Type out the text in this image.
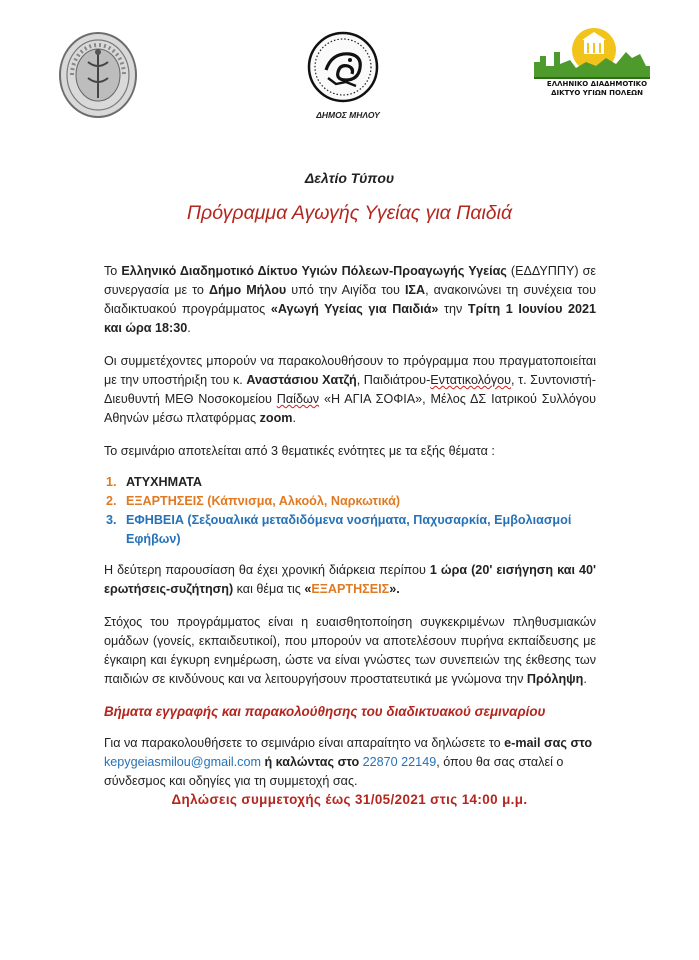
ΔΗΜΟΣ ΜΗΛΟΥ
ΕΛΛΗΝΙΚΟ ΔΙΑΔΗΜΟΤΙΚΟ
ΔΙΚΤΥΟ ΥΓΙΩΝ ΠΟΛΕΩΝ
Δελτίο Τύπου
Πρόγραμμα Αγωγής Υγείας για Παιδιά

Το Ελληνικό Διαδημοτικό Δίκτυο Υγιών Πόλεων-Προαγωγής Υγείας (ΕΔΔΥΠΠΥ) σε συνεργασία με το Δήμο Μήλου υπό την Αιγίδα του ΙΣΑ, ανακοινώνει τη συνέχεια του διαδικτυακού προγράμματος «Αγωγή Υγείας για Παιδιά» την Τρίτη 1 Ιουνίου 2021 και ώρα 18:30.

Οι συμμετέχοντες μπορούν να παρακολουθήσουν το πρόγραμμα που πραγματοποιείται με την υποστήριξη του κ. Αναστάσιου Χατζή, Παιδιάτρου-Εντατικολόγου, τ. Συντονιστή-Διευθυντή ΜΕΘ Νοσοκομείου Παίδων «Η ΑΓΙΑ ΣΟΦΙΑ», Μέλος ΔΣ Ιατρικού Συλλόγου Αθηνών μέσω πλατφόρμας zoom.

Το σεμινάριο αποτελείται από 3 θεματικές ενότητες με τα εξής θέματα :

1. ΑΤΥΧΗΜΑΤΑ
2. ΕΞΑΡΤΗΣΕΙΣ (Κάπνισμα, Αλκοόλ, Ναρκωτικά)
3. ΕΦΗΒΕΙΑ (Σεξουαλικά μεταδιδόμενα νοσήματα, Παχυσαρκία, Εμβολιασμοί Εφήβων)

Η δεύτερη παρουσίαση θα έχει χρονική διάρκεια περίπου 1 ώρα (20' εισήγηση και 40' ερωτήσεις-συζήτηση) και θέμα τις «ΕΞΑΡΤΗΣΕΙΣ».

Στόχος του προγράμματος είναι η ευαισθητοποίηση συγκεκριμένων πληθυσμιακών ομάδων (γονείς, εκπαιδευτικοί), που μπορούν να αποτελέσουν πυρήνα εκπαίδευσης με έγκαιρη και έγκυρη ενημέρωση, ώστε να είναι γνώστες των συνεπειών της έκθεσης των παιδιών σε κινδύνους και να λειτουργήσουν προστατευτικά με γνώμονα την Πρόληψη.

Βήματα εγγραφής και παρακολούθησης του διαδικτυακού σεμιναρίου

Για να παρακολουθήσετε το σεμινάριο είναι απαραίτητο να δηλώσετε το e-mail σας στο kepygeiasmilou@gmail.com ή καλώντας στο 22870 22149, όπου θα σας σταλεί ο σύνδεσμος και οδηγίες για τη συμμετοχή σας.

Δηλώσεις συμμετοχής έως 31/05/2021 στις 14:00 μ.μ.
